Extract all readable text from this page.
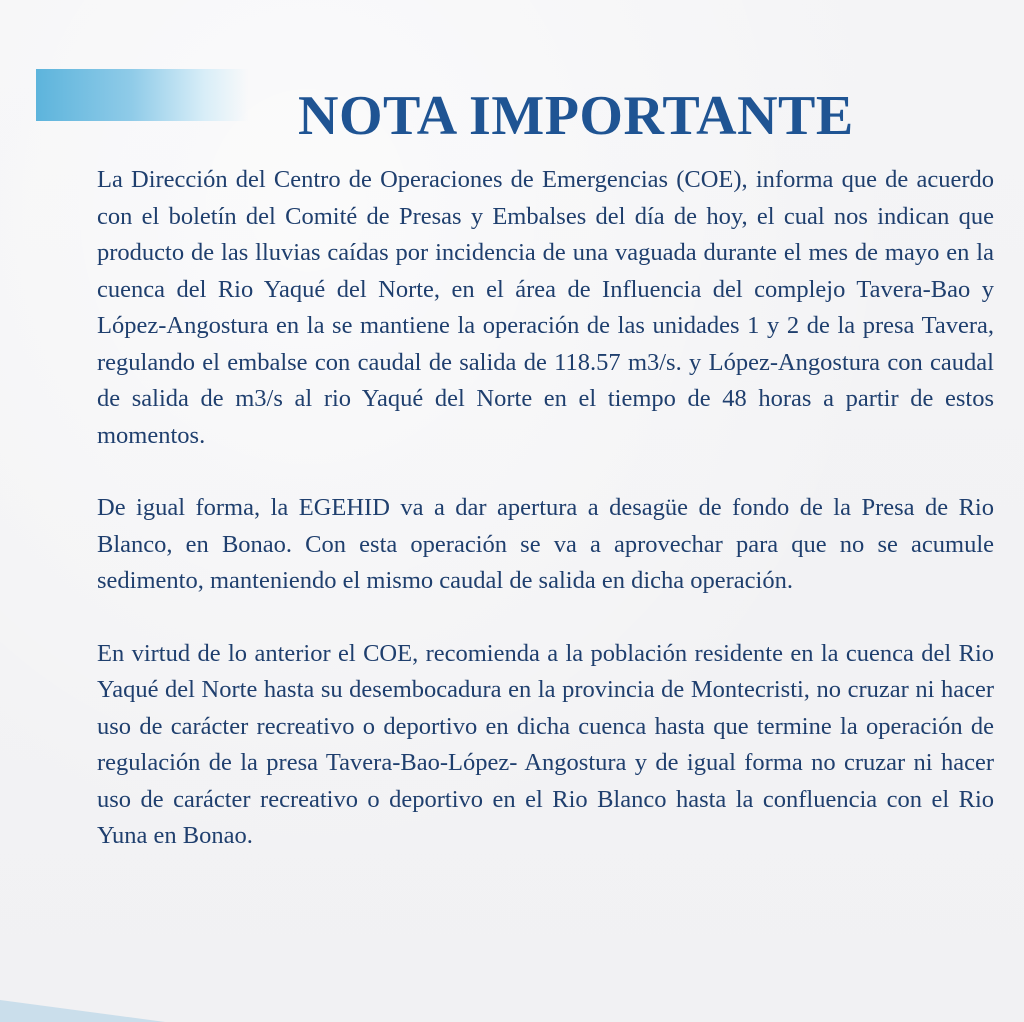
NOTA IMPORTANTE

La Dirección del Centro de Operaciones de Emergencias (COE), informa que de acuerdo con el boletín del Comité de Presas y Embalses del día de hoy, el cual nos indican que producto de las lluvias caídas por incidencia de una vaguada durante el mes de mayo en la cuenca del Rio Yaqué del Norte, en el área de Influencia del complejo Tavera-Bao y López-Angostura en la se mantiene la operación de las unidades 1 y 2 de la presa Tavera, regulando el embalse con caudal de salida de 118.57 m3/s. y López-Angostura con caudal de salida de m3/s al rio Yaqué del Norte en el tiempo de 48 horas a partir de estos momentos.

De igual forma, la EGEHID va a dar apertura a desagüe de fondo de la Presa de Rio Blanco, en Bonao. Con esta operación se va a aprovechar para que no se acumule sedimento, manteniendo el mismo caudal de salida en dicha operación.

En virtud de lo anterior el COE, recomienda a la población residente en la cuenca del Rio Yaqué del Norte hasta su desembocadura en la provincia de Montecristi, no cruzar ni hacer uso de carácter recreativo o deportivo en dicha cuenca hasta que termine la operación de regulación de la presa Tavera-Bao-López- Angostura y de igual forma no cruzar ni hacer uso de carácter recreativo o deportivo en el Rio Blanco hasta la confluencia con el Rio Yuna en Bonao.
